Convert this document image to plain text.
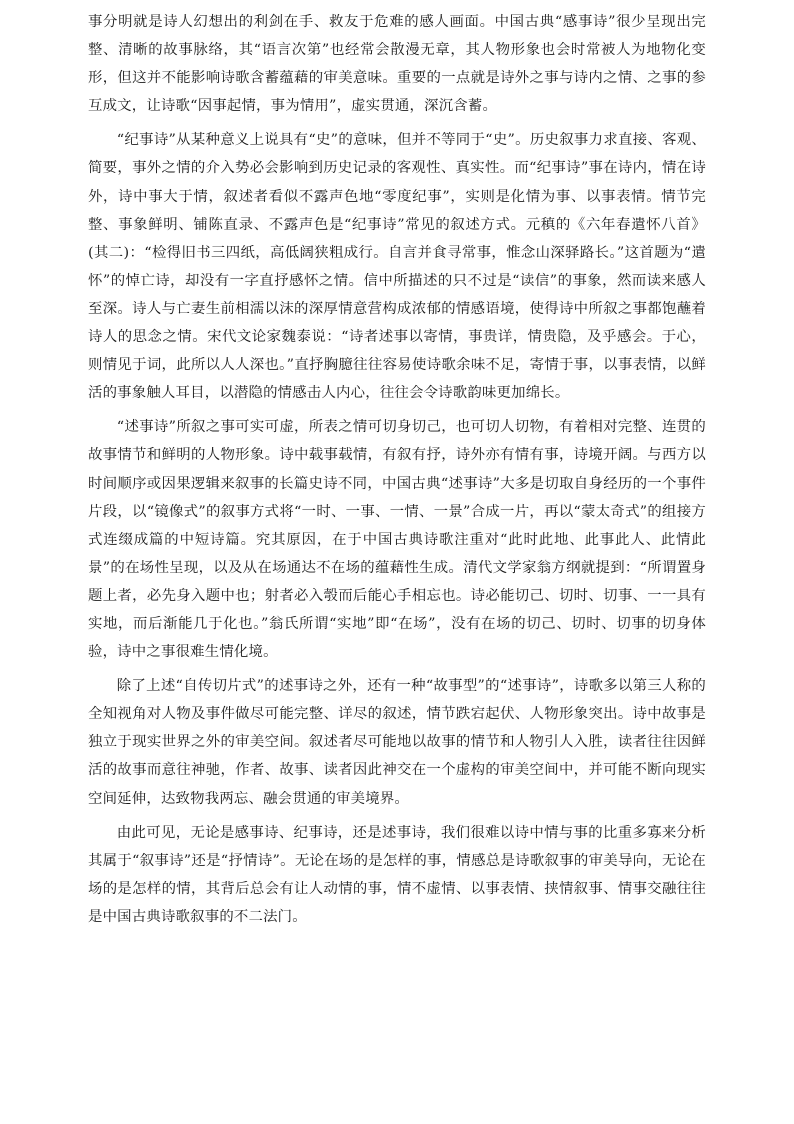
事分明就是诗人幻想出的利剑在手、救友于危难的感人画面。中国古典“感事诗”很少呈现出完整、清晰的故事脉络，其“语言次第”也经常会散漫无章，其人物形象也会时常被人为地物化变形，但这并不能影响诗歌含蓄蕴藉的审美意味。重要的一点就是诗外之事与诗内之情、之事的参互成文，让诗歌“因事起情，事为情用”，虚实贯通，深沉含蓄。

“纪事诗”从某种意义上说具有“史”的意味，但并不等同于“史”。历史叙事力求直接、客观、简要，事外之情的介入势必会影响到历史记录的客观性、真实性。而“纪事诗”事在诗内，情在诗外，诗中事大于情，叙述者看似不露声色地“零度纪事”，实则是化情为事、以事表情。情节完整、事象鲜明、铺陈直录、不露声色是“纪事诗”常见的叙述方式。元稹的《六年春遣怀八首》(其二)：“检得旧书三四纸，高低阔狭粗成行。自言并食寻常事，惟念山深驿路长。”这首题为“遣怀”的悼亡诗，却没有一字直抒感怀之情。信中所描述的只不过是“读信”的事象，然而读来感人至深。诗人与亡妻生前相濡以沫的深厚情意营构成浓郁的情感语境，使得诗中所叙之事都饱蘸着诗人的思念之情。宋代文论家魏泰说：“诗者述事以寄情，事贵详，情贵隐，及乎感会。于心，则情见于词，此所以人人深也。”直抒胸臆往往容易使诗歌余味不足，寄情于事，以事表情，以鲜活的事象触人耳目，以潜隐的情感击人内心，往往会令诗歌韵味更加绵长。

“述事诗”所叙之事可实可虚，所表之情可切身切己，也可切人切物，有着相对完整、连贯的故事情节和鲜明的人物形象。诗中载事载情，有叙有抒，诗外亦有情有事，诗境开阔。与西方以时间顺序或因果逻辑来叙事的长篇史诗不同，中国古典“述事诗”大多是切取自身经历的一个事件片段，以“镜像式”的叙事方式将“一时、一事、一情、一景”合成一片，再以“蒙太奇式”的组接方式连缀成篇的中短诗篇。究其原因，在于中国古典诗歌注重对“此时此地、此事此人、此情此景”的在场性呈现，以及从在场通达不在场的蕴藉性生成。清代文学家翁方纲就提到：“所谓置身题上者，必先身入题中也；射者必入彀而后能心手相忘也。诗必能切己、切时、切事、一一具有实地，而后渐能几于化也。”翁氏所谓“实地”即“在场”，没有在场的切己、切时、切事的切身体验，诗中之事很难生情化境。

除了上述“自传切片式”的述事诗之外，还有一种“故事型”的“述事诗”，诗歌多以第三人称的全知视角对人物及事件做尽可能完整、详尽的叙述，情节跌宕起伏、人物形象突出。诗中故事是独立于现实世界之外的审美空间。叙述者尽可能地以故事的情节和人物引人入胜，读者往往因鲜活的故事而意往神驰，作者、故事、读者因此神交在一个虚构的审美空间中，并可能不断向现实空间延伸，达致物我两忘、融会贯通的审美境界。

由此可见，无论是感事诗、纪事诗，还是述事诗，我们很难以诗中情与事的比重多寡来分析其属于“叙事诗”还是“抒情诗”。无论在场的是怎样的事，情感总是诗歌叙事的审美导向，无论在场的是怎样的情，其背后总会有让人动情的事，情不虚情、以事表情、挟情叙事、情事交融往往是中国古典诗歌叙事的不二法门。
